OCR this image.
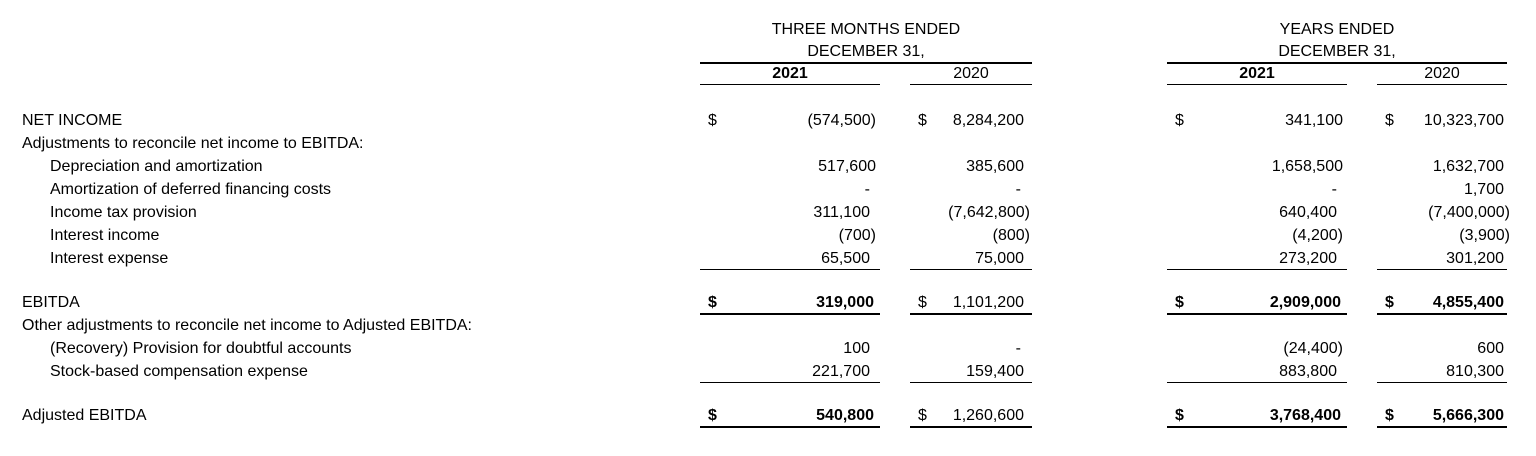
THREE MONTHS ENDED
DECEMBER 31,
2021	2020
YEARS ENDED
DECEMBER 31,
2021	2020
NET INCOME	$	(574,500)	$	8,284,200	$	341,100	$	10,323,700
Adjustments to reconcile net income to EBITDA:
Depreciation and amortization	517,600	385,600	1,658,500	1,632,700
Amortization of deferred financing costs	-	-	-	1,700
Income tax provision	311,100	(7,642,800)	640,400	(7,400,000)
Interest income	(700)	(800)	(4,200)	(3,900)
Interest expense	65,500	75,000	273,200	301,200
EBITDA	$	319,000	$	1,101,200	$	2,909,000	$	4,855,400
Other adjustments to reconcile net income to Adjusted EBITDA:
(Recovery) Provision for doubtful accounts	100	-	(24,400)	600
Stock-based compensation expense	221,700	159,400	883,800	810,300
Adjusted EBITDA	$	540,800	$	1,260,600	$	3,768,400	$	5,666,300
